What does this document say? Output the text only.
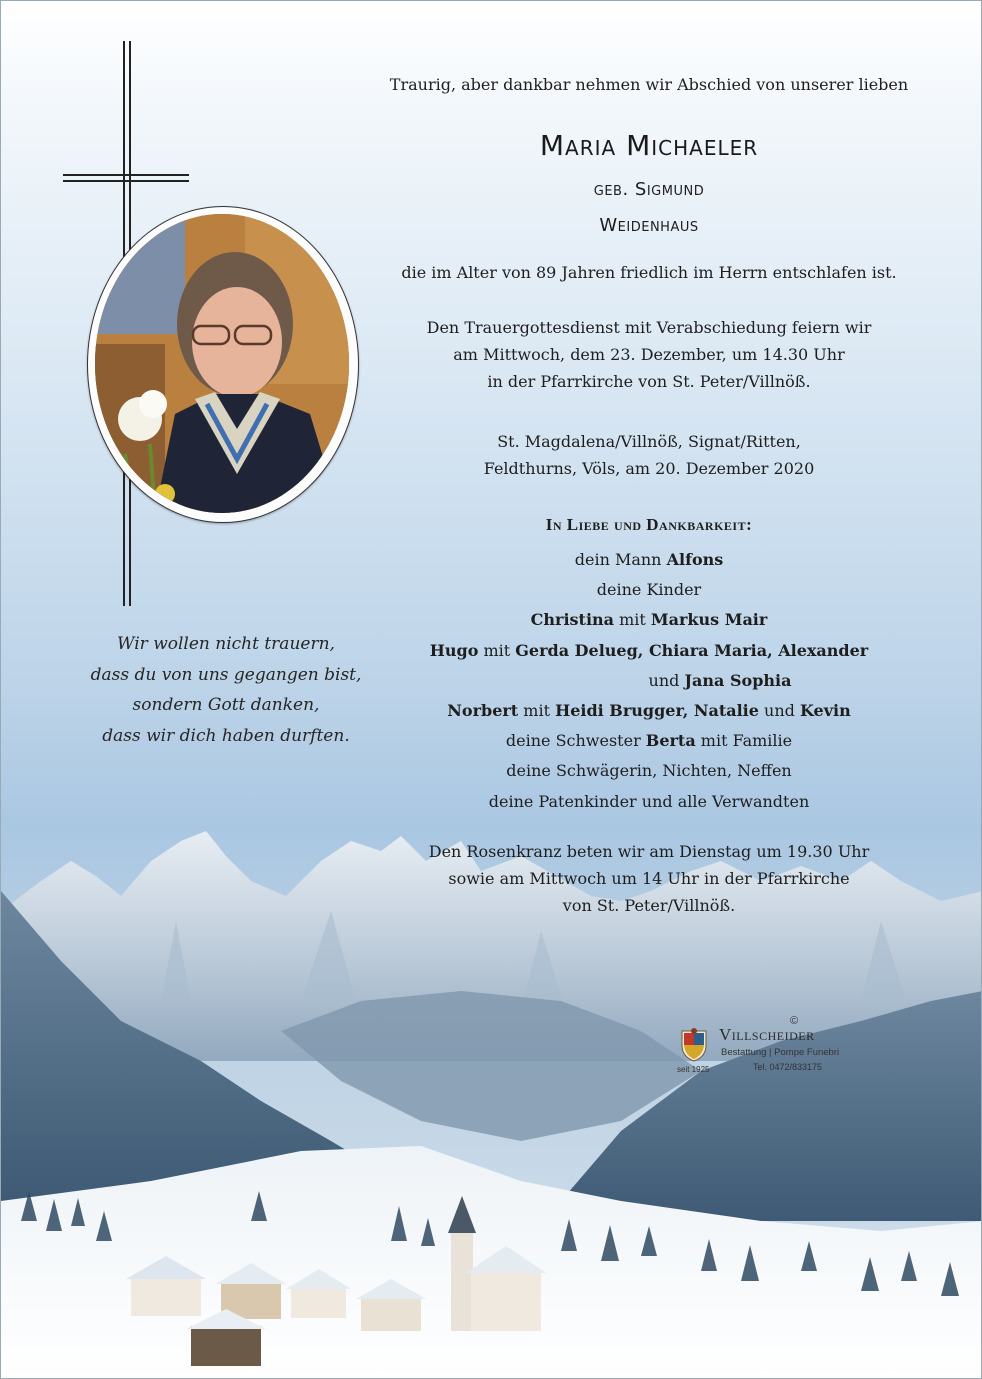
Wir wollen nicht trauern,
dass du von uns gegangen bist,
sondern Gott danken,
dass wir dich haben durften.
Traurig, aber dankbar nehmen wir Abschied von unserer lieben
Maria Michaeler
geb. Sigmund
Weidenhaus
die im Alter von 89 Jahren friedlich im Herrn entschlafen ist.
Den Trauergottesdienst mit Verabschiedung feiern wir
am Mittwoch, dem 23. Dezember, um 14.30 Uhr
in der Pfarrkirche von St. Peter/Villnöß.
St. Magdalena/Villnöß, Signat/Ritten,
Feldthurns, Völs, am 20. Dezember 2020
In Liebe und Dankbarkeit:
dein Mann Alfons
deine Kinder
Christina mit Markus Mair
Hugo mit Gerda Delueg, Chiara Maria, Alexander
und Jana Sophia
Norbert mit Heidi Brugger, Natalie und Kevin
deine Schwester Berta mit Familie
deine Schwägerin, Nichten, Neffen
deine Patenkinder und alle Verwandten
Den Rosenkranz beten wir am Dienstag um 19.30 Uhr
sowie am Mittwoch um 14 Uhr in der Pfarrkirche
von St. Peter/Villnöß.
seit 1925
©
Villscheider
Bestattung | Pompe Funebri
Tel. 0472/833175
